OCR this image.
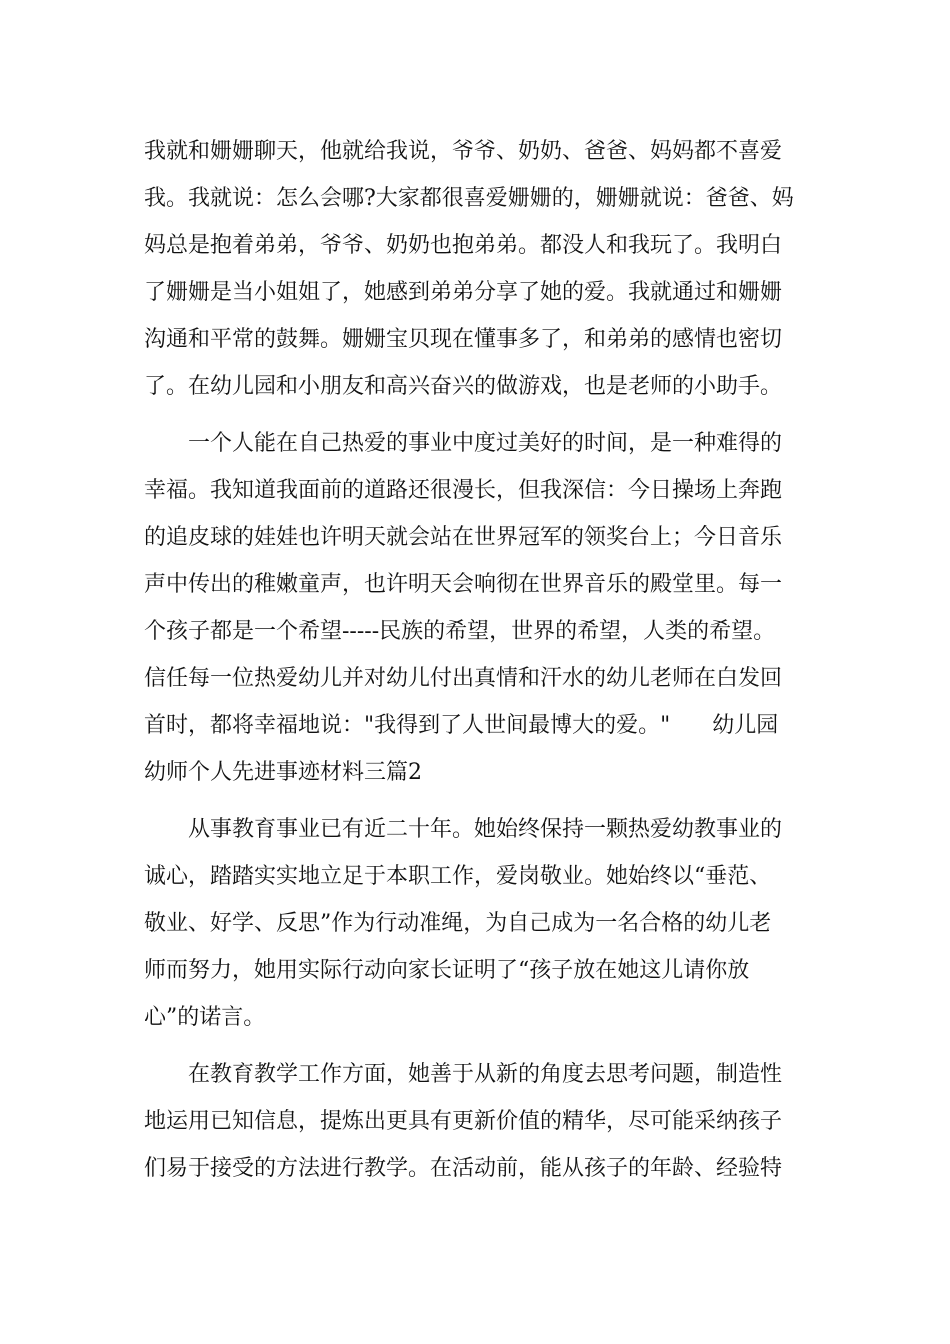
我就和姗姗聊天，他就给我说，爷爷、奶奶、爸爸、妈妈都不喜爱
我。我就说：怎么会哪?大家都很喜爱姗姗的，姗姗就说：爸爸、妈
妈总是抱着弟弟，爷爷、奶奶也抱弟弟。都没人和我玩了。我明白
了姗姗是当小姐姐了，她感到弟弟分享了她的爱。我就通过和姗姗
沟通和平常的鼓舞。姗姗宝贝现在懂事多了，和弟弟的感情也密切
了。在幼儿园和小朋友和高兴奋兴的做游戏，也是老师的小助手。
一个人能在自己热爱的事业中度过美好的时间，是一种难得的
幸福。我知道我面前的道路还很漫长，但我深信：今日操场上奔跑
的追皮球的娃娃也许明天就会站在世界冠军的领奖台上；今日音乐
声中传出的稚嫩童声，也许明天会响彻在世界音乐的殿堂里。每一
个孩子都是一个希望-----民族的希望，世界的希望，人类的希望。
信任每一位热爱幼儿并对幼儿付出真情和汗水的幼儿老师在白发回
首时，都将幸福地说："我得到了人世间最博大的爱。"      幼儿园
幼师个人先进事迹材料三篇2
从事教育事业已有近二十年。她始终保持一颗热爱幼教事业的
诚心，踏踏实实地立足于本职工作，爱岗敬业。她始终以“垂范、
敬业、好学、反思”作为行动准绳，为自己成为一名合格的幼儿老
师而努力，她用实际行动向家长证明了“孩子放在她这儿请你放
心”的诺言。
在教育教学工作方面，她善于从新的角度去思考问题，制造性
地运用已知信息，提炼出更具有更新价值的精华，尽可能采纳孩子
们易于接受的方法进行教学。在活动前，能从孩子的年龄、经验特
